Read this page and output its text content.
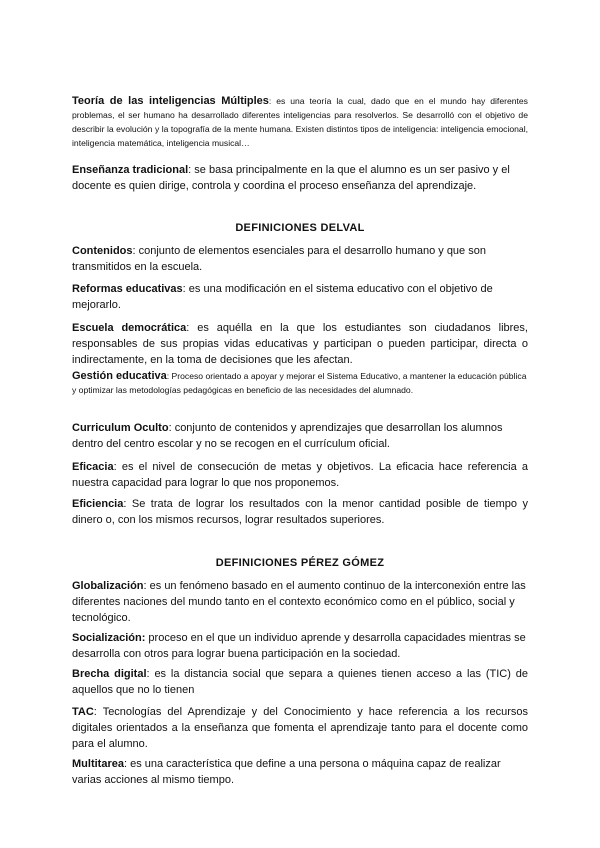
Teoría de las inteligencias Múltiples: es una teoría la cual, dado que en el mundo hay diferentes problemas, el ser humano ha desarrollado diferentes inteligencias para resolverlos. Se desarrolló con el objetivo de describir la evolución y la topografía de la mente humana. Existen distintos tipos de inteligencia: inteligencia emocional, inteligencia matemática, inteligencia musical…

Enseñanza tradicional: se basa principalmente en la que el alumno es un ser pasivo y el docente es quien dirige, controla y coordina el proceso enseñanza del aprendizaje.

DEFINICIONES DELVAL

Contenidos: conjunto de elementos esenciales para el desarrollo humano y que son transmitidos en la escuela.

Reformas educativas: es una modificación en el sistema educativo con el objetivo de mejorarlo.

Escuela democrática: es aquélla en la que los estudiantes son ciudadanos libres, responsables de sus propias vidas educativas y participan o pueden participar, directa o indirectamente, en la toma de decisiones que les afectan.

Gestión educativa: Proceso orientado a apoyar y mejorar el Sistema Educativo, a mantener la educación pública y optimizar las metodologías pedagógicas en beneficio de las necesidades del alumnado.

Curriculum Oculto: conjunto de contenidos y aprendizajes que desarrollan los alumnos dentro del centro escolar y no se recogen en el currículum oficial.

Eficacia: es el nivel de consecución de metas y objetivos. La eficacia hace referencia a nuestra capacidad para lograr lo que nos proponemos.

Eficiencia: Se trata de lograr los resultados con la menor cantidad posible de tiempo y dinero o, con los mismos recursos, lograr resultados superiores.

DEFINICIONES PÉREZ GÓMEZ

Globalización: es un fenómeno basado en el aumento continuo de la interconexión entre las diferentes naciones del mundo tanto en el contexto económico como en el público, social y tecnológico.

Socialización: proceso en el que un individuo aprende y desarrolla capacidades mientras se desarrolla con otros para lograr buena participación en la sociedad.

Brecha digital: es la distancia social que separa a quienes tienen acceso a las (TIC) de aquellos que no lo tienen

TAC: Tecnologías del Aprendizaje y del Conocimiento y hace referencia a los recursos digitales orientados a la enseñanza que fomenta el aprendizaje tanto para el docente como para el alumno.

Multitarea: es una característica que define a una persona o máquina capaz de realizar varias acciones al mismo tiempo.
